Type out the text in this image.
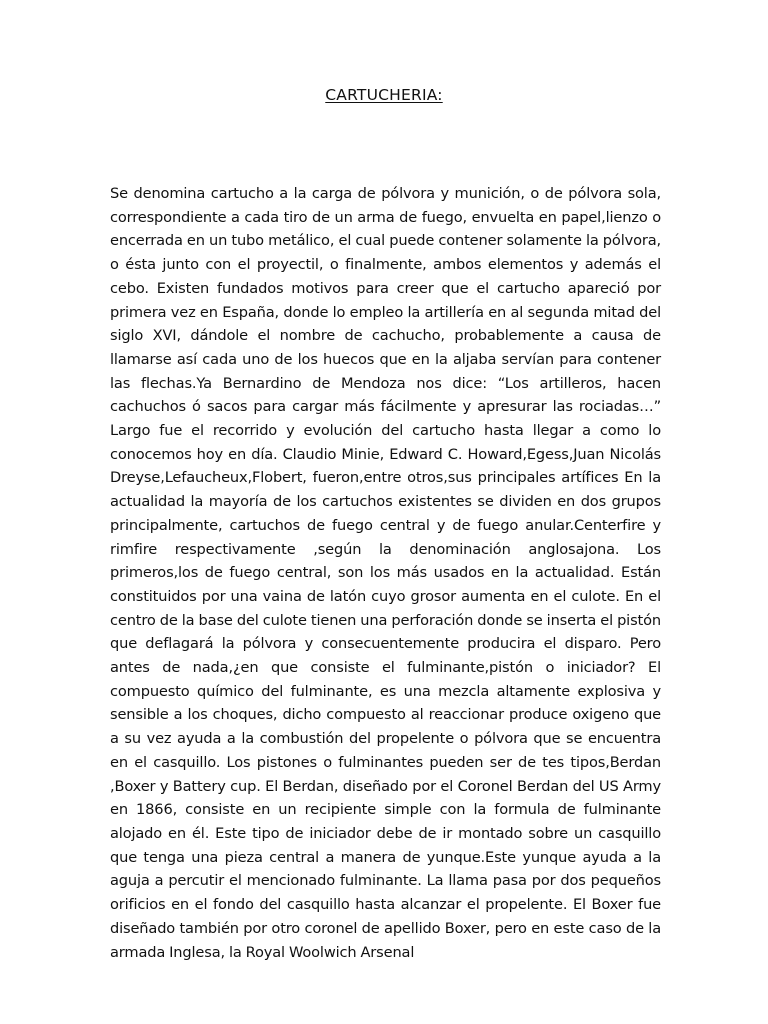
CARTUCHERIA:

Se denomina cartucho a la carga de pólvora y munición, o de pólvora sola, correspondiente a cada tiro de un arma de fuego, envuelta en papel,lienzo o encerrada en un tubo metálico, el cual puede contener solamente la pólvora, o ésta junto con el proyectil, o finalmente, ambos elementos y además el cebo. Existen fundados motivos para creer que el cartucho apareció por primera vez en España, donde lo empleo la artillería en al segunda mitad del siglo XVI, dándole el nombre de cachucho, probablemente a causa de llamarse así cada uno de los huecos que en la aljaba servían para contener las flechas.Ya Bernardino de Mendoza nos dice: “Los artilleros, hacen cachuchos ó sacos para cargar más fácilmente y apresurar las rociadas…” Largo fue el recorrido y evolución del cartucho hasta llegar a como lo conocemos hoy en día. Claudio Minie, Edward C. Howard,Egess,Juan Nicolás Dreyse,Lefaucheux,Flobert, fueron,entre otros,sus principales artífices En la actualidad la mayoría de los cartuchos existentes se dividen en dos grupos principalmente, cartuchos de fuego central y de fuego anular.Centerfire y rimfire respectivamente ,según la denominación anglosajona. Los primeros,los de fuego central, son los más usados en la actualidad. Están constituidos por una vaina de latón cuyo grosor aumenta en el culote. En el centro de la base del culote tienen una perforación donde se inserta el pistón que deflagará la pólvora y consecuentemente producira el disparo. Pero antes de nada,¿en que consiste el fulminante,pistón o iniciador? El compuesto químico del fulminante, es una mezcla altamente explosiva y sensible a los choques, dicho compuesto al reaccionar produce oxigeno que a su vez ayuda a la combustión del propelente o pólvora que se encuentra en el casquillo. Los pistones o fulminantes pueden ser de tes tipos,Berdan ,Boxer y Battery cup. El Berdan, diseñado por el Coronel Berdan del US Army en 1866, consiste en un recipiente simple con la formula de fulminante alojado en él. Este tipo de iniciador debe de ir montado sobre un casquillo que tenga una pieza central a manera de yunque.Este yunque ayuda a la aguja a percutir el mencionado fulminante. La llama pasa por dos pequeños orificios en el fondo del casquillo hasta alcanzar el propelente. El Boxer fue diseñado también por otro coronel de apellido Boxer, pero en este caso de la armada Inglesa, la Royal Woolwich Arsenal
